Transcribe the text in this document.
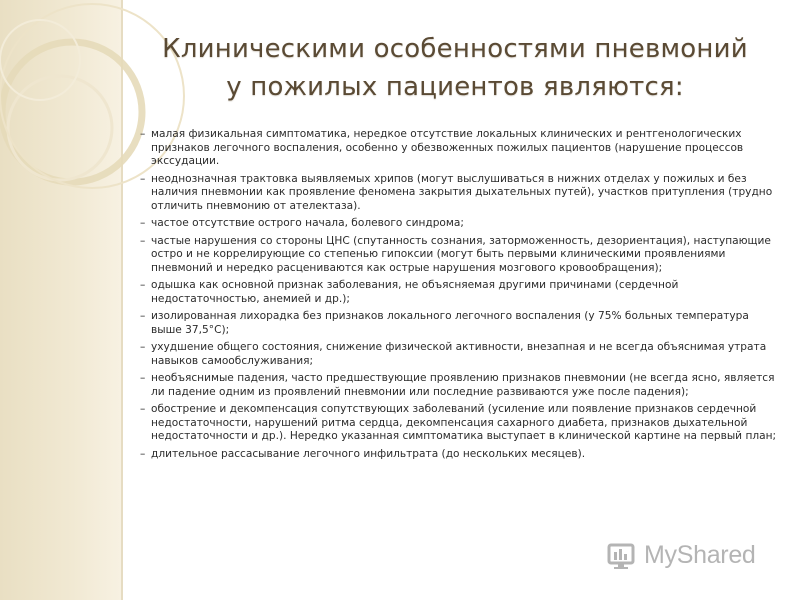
Клиническими особенностями пневмоний
у пожилых пациентов являются:
– малая физикальная симптоматика, нередкое отсутствие локальных клинических и рентгенологических признаков легочного воспаления, особенно у обезвоженных пожилых пациентов (нарушение процессов экссудации.
– неоднозначная трактовка выявляемых хрипов (могут выслушиваться в нижних отделах у пожилых и без наличия пневмонии как проявление феномена закрытия дыхательных путей), участков притупления (трудно отличить пневмонию от ателектаза).
– частое отсутствие острого начала, болевого синдрома;
– частые нарушения со стороны ЦНС (спутанность сознания, заторможенность, дезориентация), наступающие остро и не коррелирующие со степенью гипоксии (могут быть первыми клиническими проявлениями пневмоний и нередко расцениваются как острые нарушения мозгового кровообращения);
– одышка как основной признак заболевания, не объясняемая другими причинами (сердечной недостаточностью, анемией и др.);
– изолированная лихорадка без признаков локального легочного воспаления (у 75% больных температура выше 37,5°С);
– ухудшение общего состояния, снижение физической активности, внезапная и не всегда объяснимая утрата навыков самообслуживания;
– необъяснимые падения, часто предшествующие проявлению признаков пневмонии (не всегда ясно, является ли падение одним из проявлений пневмонии или последние развиваются уже после падения);
– обострение и декомпенсация сопутствующих заболеваний (усиление или появление признаков сердечной недостаточности, нарушений ритма сердца, декомпенсация сахарного диабета, признаков дыхательной недостаточности и др.). Нередко указанная симптоматика выступает в клинической картине на первый план;
– длительное рассасывание легочного инфильтрата (до нескольких месяцев).
MyShared
